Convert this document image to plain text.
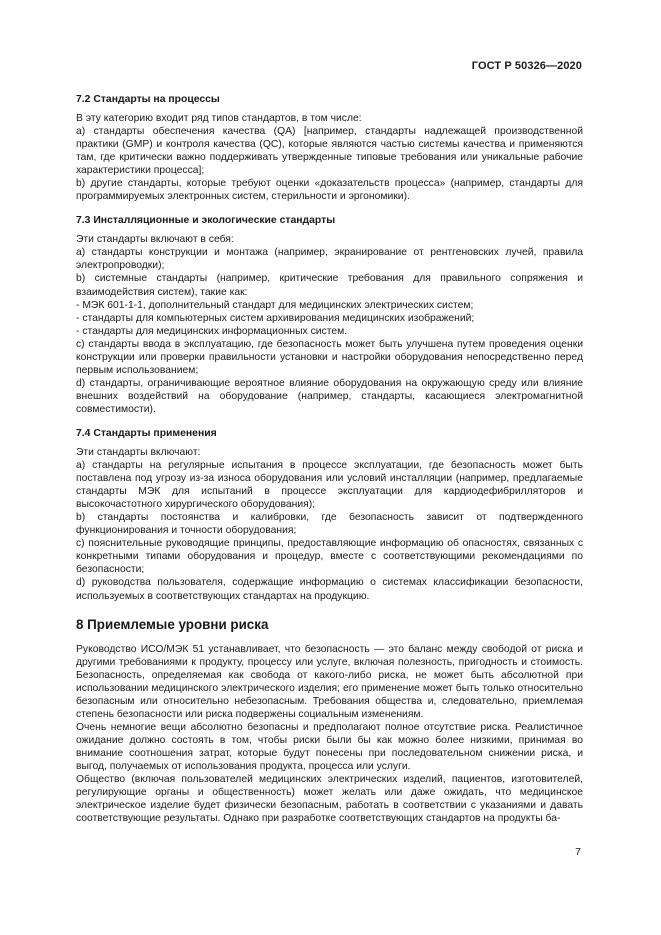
ГОСТ Р 50326—2020
7.2 Стандарты на процессы

В эту категорию входит ряд типов стандартов, в том числе:

а) стандарты обеспечения качества (QA) [например, стандарты надлежащей производственной практики (GMP) и контроля качества (QC), которые являются частью системы качества и применяются там, где критически важно поддерживать утвержденные типовые требования или уникальные рабочие характеристики процесса];

b) другие стандарты, которые требуют оценки «доказательств процесса» (например, стандарты для программируемых электронных систем, стерильности и эргономики).

7.3 Инсталляционные и экологические стандарты

Эти стандарты включают в себя:

а) стандарты конструкции и монтажа (например, экранирование от рентгеновских лучей, правила электропроводки);

b) системные стандарты (например, критические требования для правильного сопряжения и взаимодействия систем), такие как:

- МЭК 601-1-1, дополнительный стандарт для медицинских электрических систем;

- стандарты для компьютерных систем архивирования медицинских изображений;

- стандарты для медицинских информационных систем.

с) стандарты ввода в эксплуатацию, где безопасность может быть улучшена путем проведения оценки конструкции или проверки правильности установки и настройки оборудования непосредственно перед первым использованием;

d) стандарты, ограничивающие вероятное влияние оборудования на окружающую среду или влияние внешних воздействий на оборудование (например, стандарты, касающиеся электромагнитной совместимости).

7.4 Стандарты применения

Эти стандарты включают:

а) стандарты на регулярные испытания в процессе эксплуатации, где безопасность может быть поставлена под угрозу из-за износа оборудования или условий инсталляции (например, предлагаемые стандарты МЭК для испытаний в процессе эксплуатации для кардиодефибрилляторов и высокочастотного хирургического оборудования);

b) стандарты постоянства и калибровки, где безопасность зависит от подтвержденного функционирования и точности оборудования;

с) пояснительные руководящие принципы, предоставляющие информацию об опасностях, связанных с конкретными типами оборудования и процедур, вместе с соответствующими рекомендациями по безопасности;

d) руководства пользователя, содержащие информацию о системах классификации безопасности, используемых в соответствующих стандартах на продукцию.

8 Приемлемые уровни риска

Руководство ИСО/МЭК 51 устанавливает, что безопасность — это баланс между свободой от риска и другими требованиями к продукту, процессу или услуге, включая полезность, пригодность и стоимость. Безопасность, определяемая как свобода от какого-либо риска, не может быть абсолютной при использовании медицинского электрического изделия; его применение может быть только относительно безопасным или относительно небезопасным. Требования общества и, следовательно, приемлемая степень безопасности или риска подвержены социальным изменениям.

Очень немногие вещи абсолютно безопасны и предполагают полное отсутствие риска. Реалистичное ожидание должно состоять в том, чтобы риски были бы как можно более низкими, принимая во внимание соотношения затрат, которые будут понесены при последовательном снижении риска, и выгод, получаемых от использования продукта, процесса или услуги.

Общество (включая пользователей медицинских электрических изделий, пациентов, изготовителей, регулирующие органы и общественность) может желать или даже ожидать, что медицинское электрическое изделие будет физически безопасным, работать в соответствии с указаниями и давать соответствующие результаты. Однако при разработке соответствующих стандартов на продукты ба-

7
